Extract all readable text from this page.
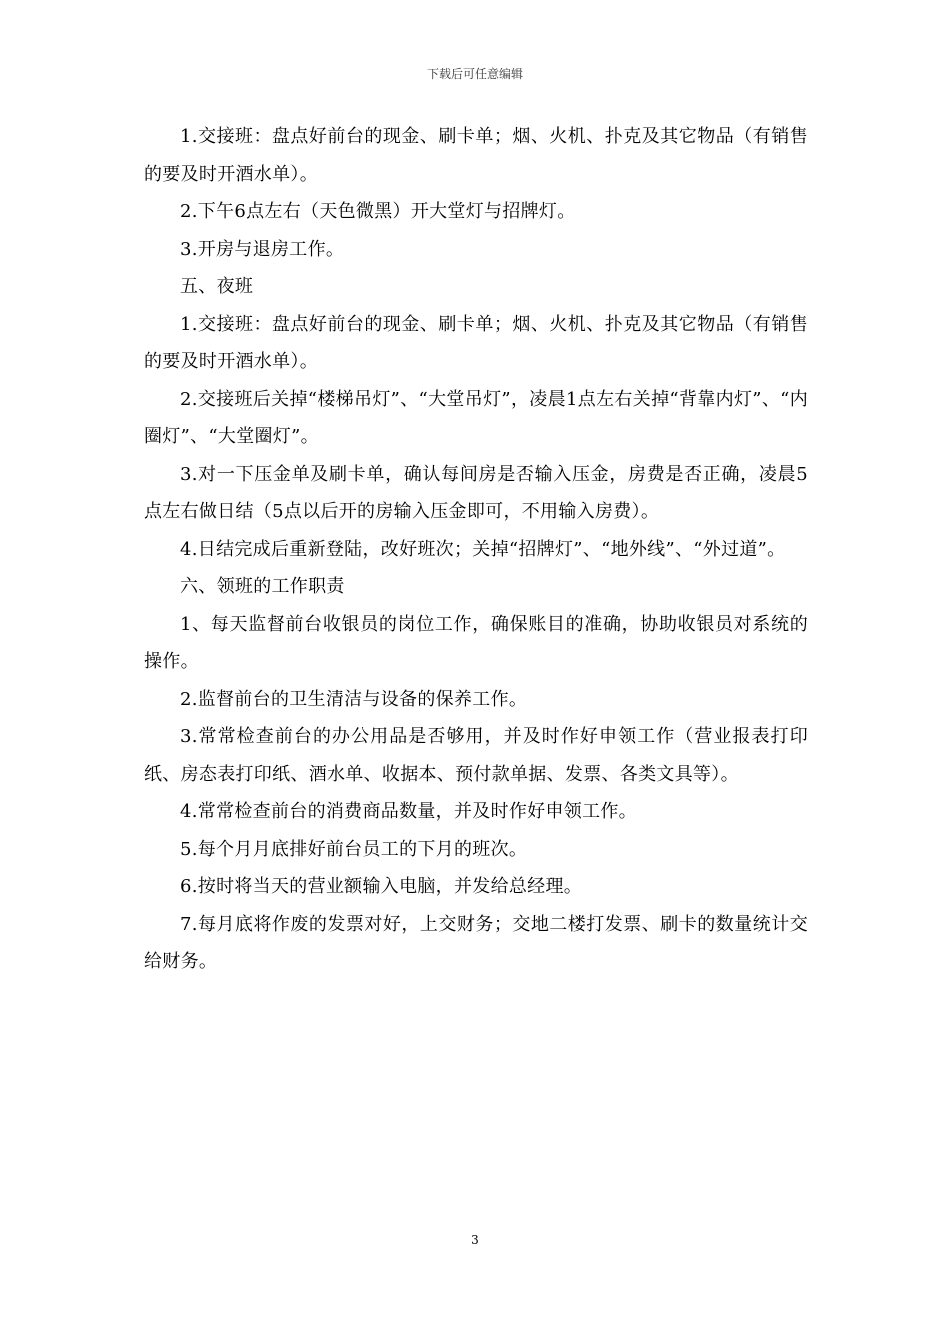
下载后可任意编辑

1.交接班：盘点好前台的现金、刷卡单；烟、火机、扑克及其它物品（有销售的要及时开酒水单）。

2.下午6点左右（天色微黑）开大堂灯与招牌灯。

3.开房与退房工作。

五、夜班

1.交接班：盘点好前台的现金、刷卡单；烟、火机、扑克及其它物品（有销售的要及时开酒水单）。

2.交接班后关掉“楼梯吊灯”、“大堂吊灯”，凌晨1点左右关掉“背靠内灯”、“内圈灯”、“大堂圈灯”。

3.对一下压金单及刷卡单，确认每间房是否输入压金，房费是否正确，凌晨5点左右做日结（5点以后开的房输入压金即可，不用输入房费）。

4.日结完成后重新登陆，改好班次；关掉“招牌灯”、“地外线”、“外过道”。

六、领班的工作职责

1、每天监督前台收银员的岗位工作，确保账目的准确，协助收银员对系统的操作。

2.监督前台的卫生清洁与设备的保养工作。

3.常常检查前台的办公用品是否够用，并及时作好申领工作（营业报表打印纸、房态表打印纸、酒水单、收据本、预付款单据、发票、各类文具等）。

4.常常检查前台的消费商品数量，并及时作好申领工作。

5.每个月月底排好前台员工的下月的班次。

6.按时将当天的营业额输入电脑，并发给总经理。

7.每月底将作废的发票对好，上交财务；交地二楼打发票、刷卡的数量统计交给财务。

3
